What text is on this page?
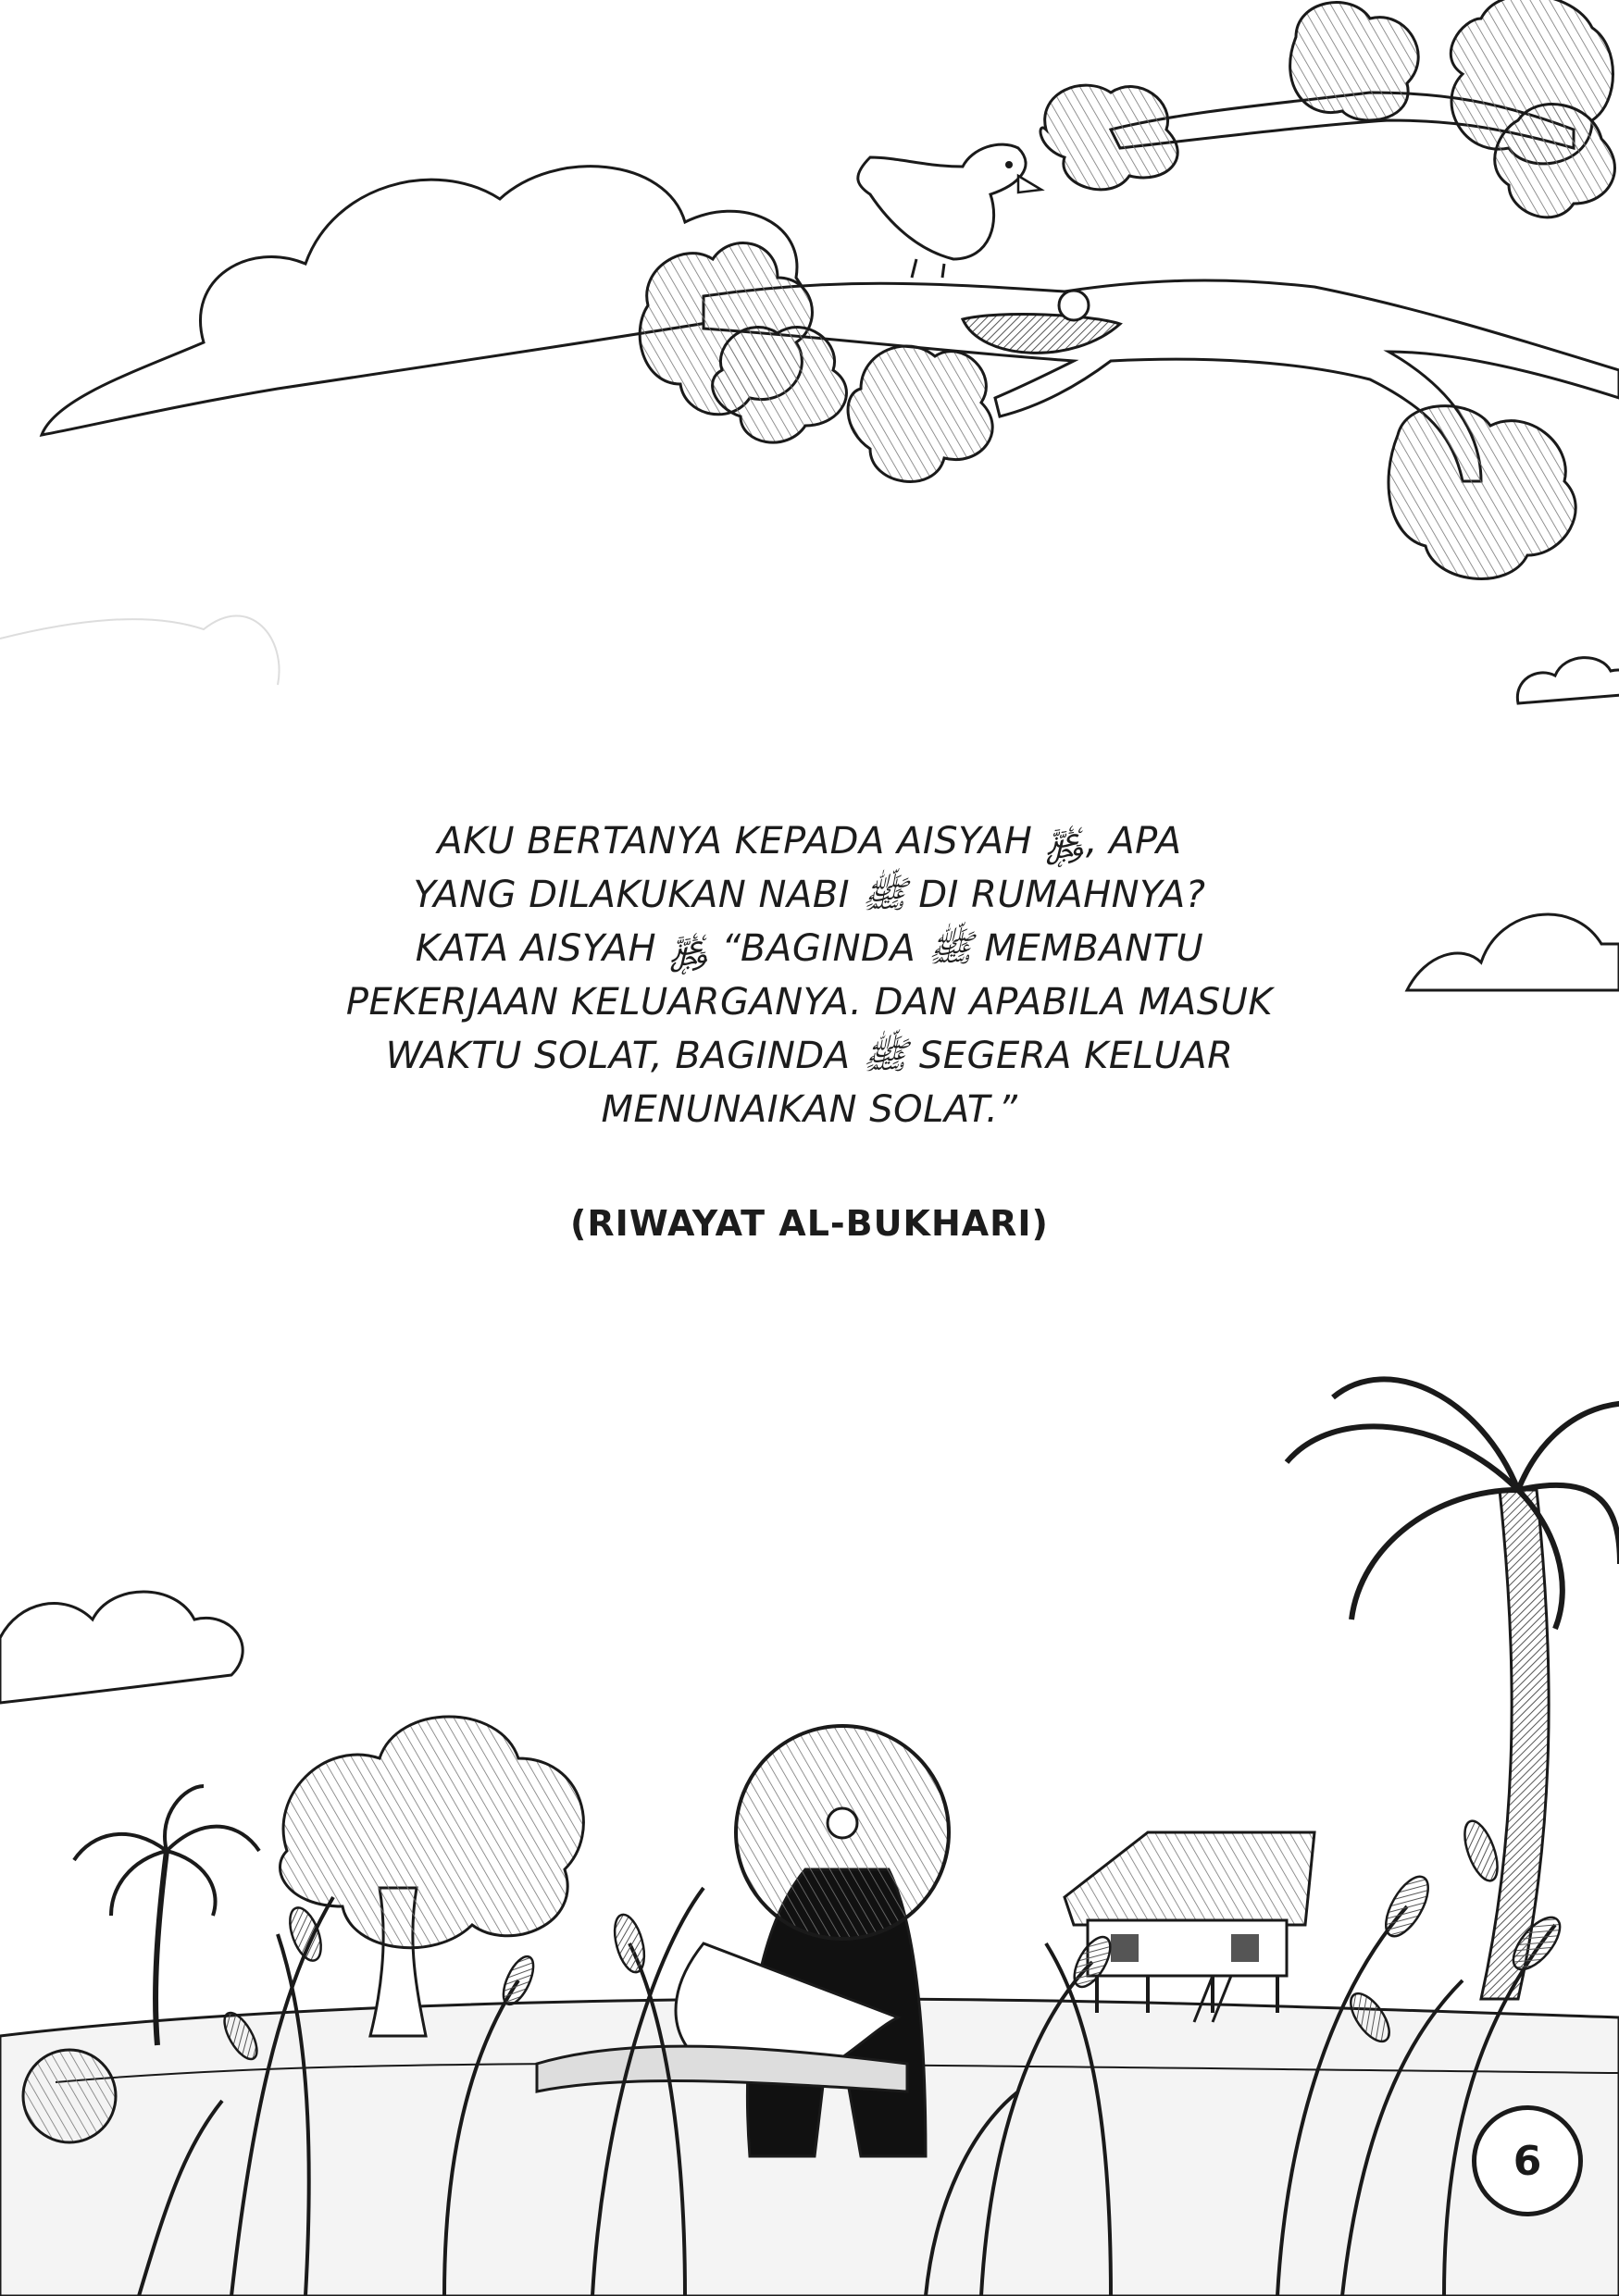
AKU BERTANYA KEPADA AISYAH ﷿, APA
YANG DILAKUKAN NABI ﷺ DI RUMAHNYA?
KATA AISYAH ﷿ “BAGINDA ﷺ MEMBANTU
PEKERJAAN KELUARGANYA. DAN APABILA MASUK
WAKTU SOLAT, BAGINDA ﷺ SEGERA KELUAR
MENUNAIKAN SOLAT.”
(RIWAYAT AL-BUKHARI)
6
